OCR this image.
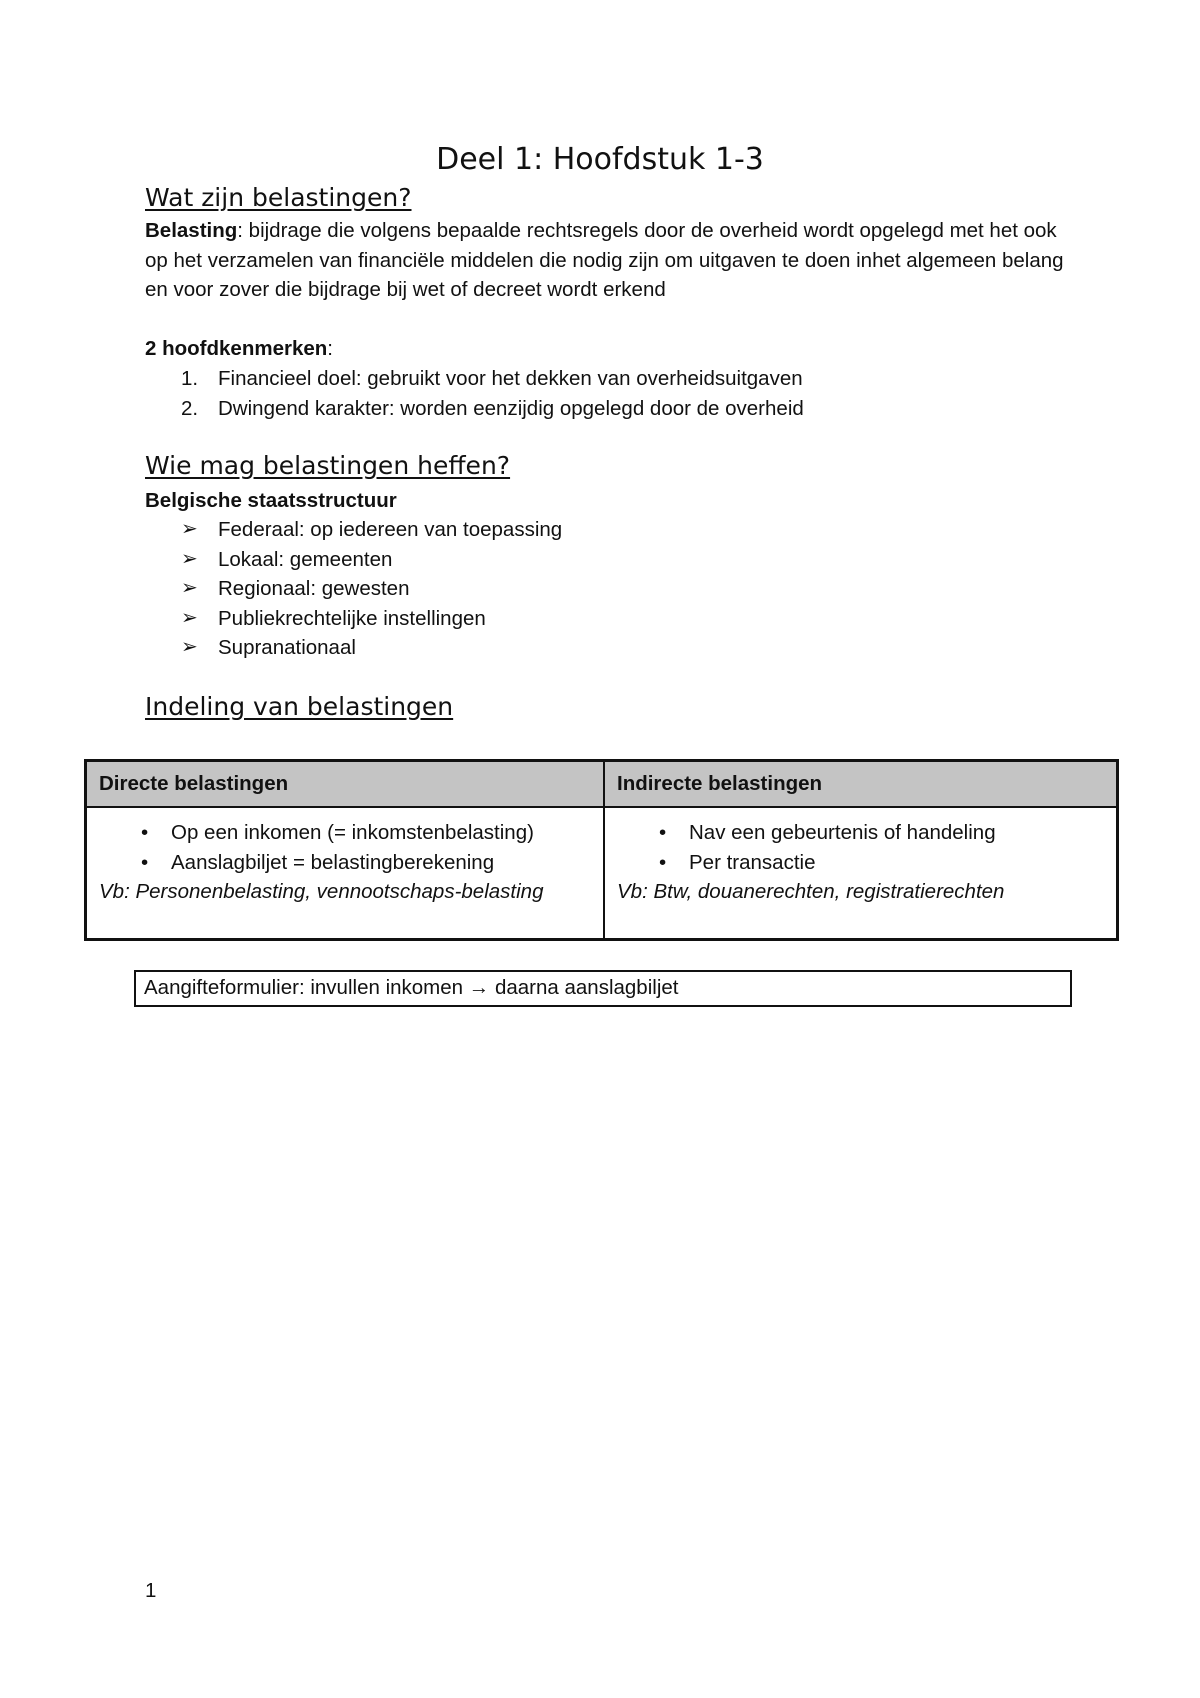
Deel 1: Hoofdstuk 1-3
Wat zijn belastingen?

Belasting: bijdrage die volgens bepaalde rechtsregels door de overheid wordt opgelegd met het ook op het verzamelen van financiële middelen die nodig zijn om uitgaven te doen inhet algemeen belang en voor zover die bijdrage bij wet of decreet wordt erkend

2 hoofdkenmerken:

1. Financieel doel: gebruikt voor het dekken van overheidsuitgaven
2. Dwingend karakter: worden eenzijdig opgelegd door de overheid
Wie mag belastingen heffen?

Belgische staatsstructuur

➢ Federaal: op iedereen van toepassing
➢ Lokaal: gemeenten
➢ Regionaal: gewesten
➢ Publiekrechtelijke instellingen
➢ Supranationaal
Indeling van belastingen
Directe belastingen	Indirecte belastingen
• Op een inkomen (= inkomstenbelasting)
• Aanslagbiljet = belastingberekening

Vb: Personenbelasting, vennootschaps-belasting

• Nav een gebeurtenis of handeling
• Per transactie

Vb: Btw, douanerechten, registratierechten

Aangifteformulier: invullen inkomen → daarna aanslagbiljet

1
